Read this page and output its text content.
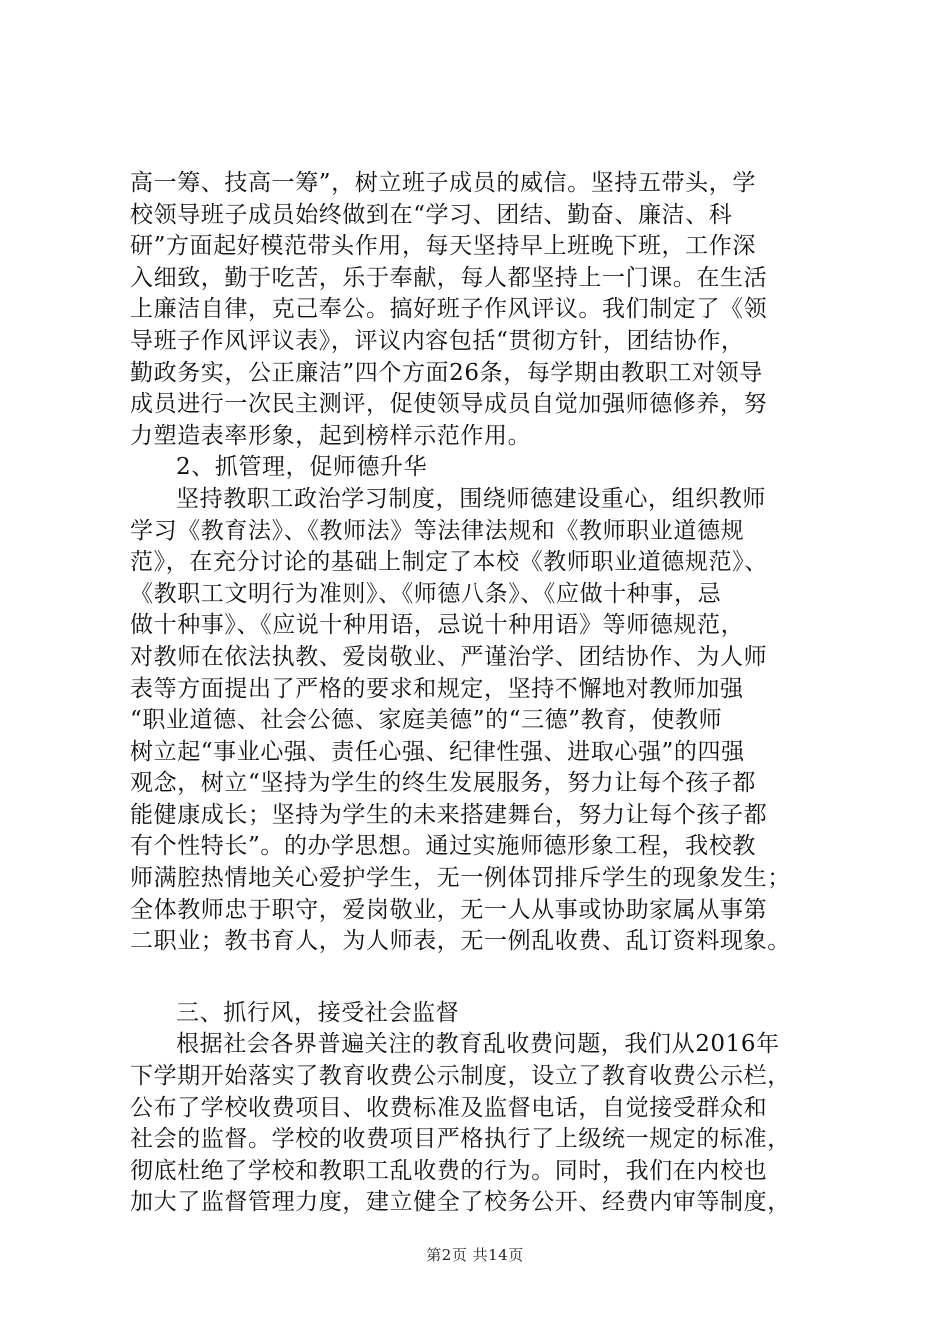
高一筹、技高一筹”，树立班子成员的威信。坚持五带头，学
校领导班子成员始终做到在“学习、团结、勤奋、廉洁、科
研”方面起好模范带头作用，每天坚持早上班晚下班，工作深
入细致，勤于吃苦，乐于奉献，每人都坚持上一门课。在生活
上廉洁自律，克己奉公。搞好班子作风评议。我们制定了《领
导班子作风评议表》，评议内容包括“贯彻方针，团结协作，
勤政务实，公正廉洁”四个方面26条，每学期由教职工对领导
成员进行一次民主测评，促使领导成员自觉加强师德修养，努
力塑造表率形象，起到榜样示范作用。
2、抓管理，促师德升华
坚持教职工政治学习制度，围绕师德建设重心，组织教师
学习《教育法》、《教师法》等法律法规和《教师职业道德规
范》，在充分讨论的基础上制定了本校《教师职业道德规范》、
《教职工文明行为准则》、《师德八条》、《应做十种事，忌
做十种事》、《应说十种用语，忌说十种用语》等师德规范，
对教师在依法执教、爱岗敬业、严谨治学、团结协作、为人师
表等方面提出了严格的要求和规定，坚持不懈地对教师加强
“职业道德、社会公德、家庭美德”的“三德”教育，使教师
树立起“事业心强、责任心强、纪律性强、进取心强”的四强
观念，树立“坚持为学生的终生发展服务，努力让每个孩子都
能健康成长；坚持为学生的未来搭建舞台，努力让每个孩子都
有个性特长”。的办学思想。通过实施师德形象工程，我校教
师满腔热情地关心爱护学生，无一例体罚排斥学生的现象发生；
全体教师忠于职守，爱岗敬业，无一人从事或协助家属从事第
二职业；教书育人，为人师表，无一例乱收费、乱订资料现象。
三、抓行风，接受社会监督
根据社会各界普遍关注的教育乱收费问题，我们从2016年
下学期开始落实了教育收费公示制度，设立了教育收费公示栏，
公布了学校收费项目、收费标准及监督电话，自觉接受群众和
社会的监督。学校的收费项目严格执行了上级统一规定的标准，
彻底杜绝了学校和教职工乱收费的行为。同时，我们在内校也
加大了监督管理力度，建立健全了校务公开、经费内审等制度，
第2页 共14页
